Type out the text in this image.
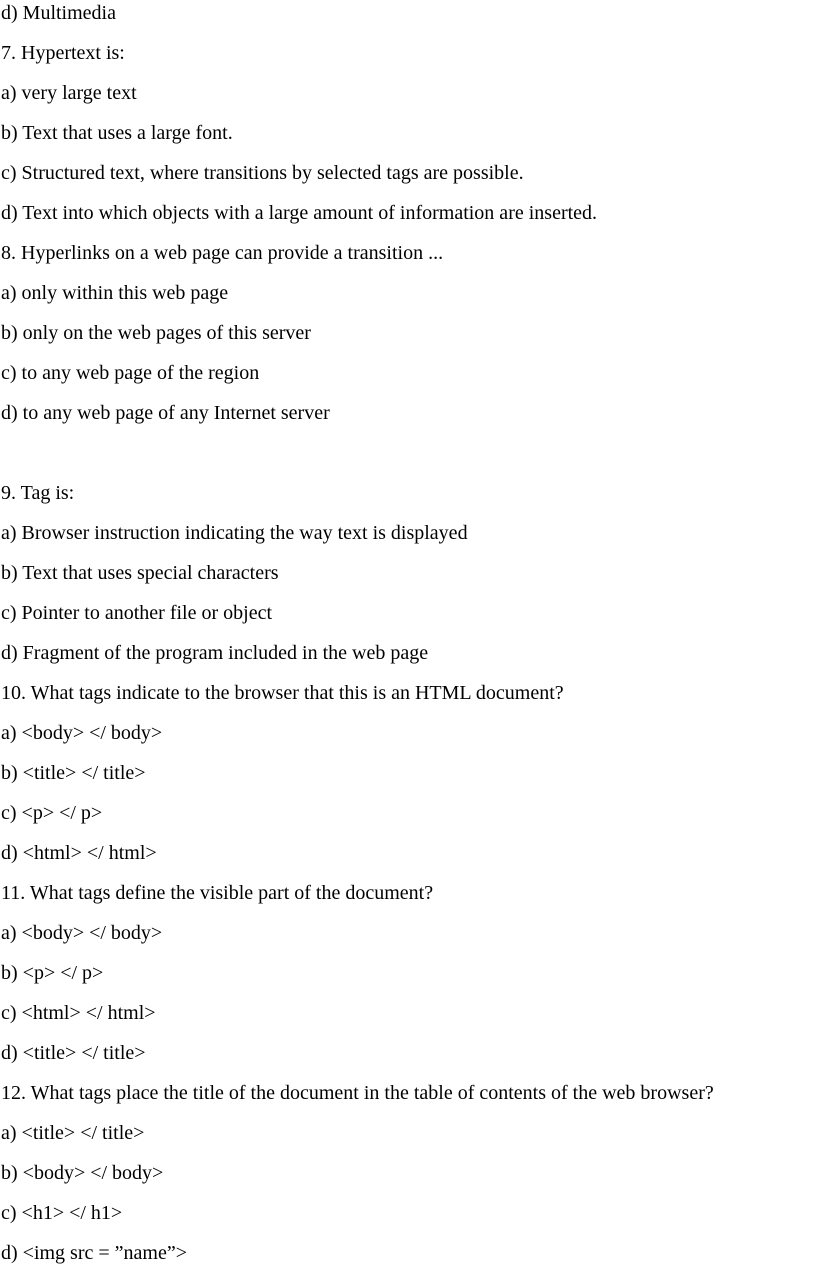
d) Multimedia

7. Hypertext is:

a) very large text

b) Text that uses a large font.

c) Structured text, where transitions by selected tags are possible.

d) Text into which objects with a large amount of information are inserted.

8. Hyperlinks on a web page can provide a transition ...

a) only within this web page

b) only on the web pages of this server

c) to any web page of the region

d) to any web page of any Internet server

9. Tag is:

a) Browser instruction indicating the way text is displayed

b) Text that uses special characters

c) Pointer to another file or object

d) Fragment of the program included in the web page

10. What tags indicate to the browser that this is an HTML document?

a) <body> </ body>

b) <title> </ title>

c) <p> </ p>

d) <html> </ html>

11. What tags define the visible part of the document?

a) <body> </ body>

b) <p> </ p>

c) <html> </ html>

d) <title> </ title>

12. What tags place the title of the document in the table of contents of the web browser?

a) <title> </ title>

b) <body> </ body>

c) <h1> </ h1>

d) <img src = ”name”>
